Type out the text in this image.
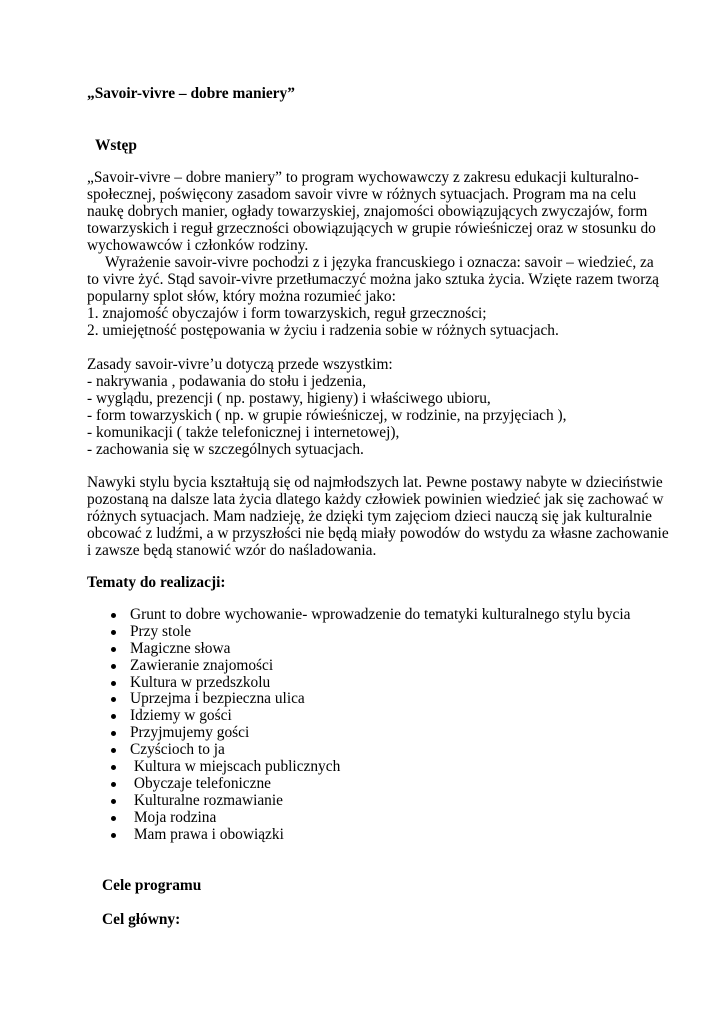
„Savoir-vivre – dobre maniery”

Wstęp

„Savoir-vivre – dobre maniery” to program wychowawczy z zakresu edukacji kulturalno-
społecznej, poświęcony zasadom savoir vivre w różnych sytuacjach. Program ma na celu
naukę dobrych manier, ogłady towarzyskiej, znajomości obowiązujących zwyczajów, form
towarzyskich i reguł grzeczności obowiązujących w grupie rówieśniczej oraz w stosunku do
wychowawców i członków rodziny.
Wyrażenie savoir-vivre pochodzi z i języka francuskiego i oznacza: savoir – wiedzieć, za
to vivre żyć. Stąd savoir-vivre przetłumaczyć można jako sztuka życia. Wzięte razem tworzą
popularny splot słów, który można rozumieć jako:
1. znajomość obyczajów i form towarzyskich, reguł grzeczności;
2. umiejętność postępowania w życiu i radzenia sobie w różnych sytuacjach.
Zasady savoir-vivre’u dotyczą przede wszystkim:
- nakrywania , podawania do stołu i jedzenia,
- wyglądu, prezencji ( np. postawy, higieny) i właściwego ubioru,
- form towarzyskich ( np. w grupie rówieśniczej, w rodzinie, na przyjęciach ),
- komunikacji ( także telefonicznej i internetowej),
- zachowania się w szczególnych sytuacjach.
Nawyki stylu bycia kształtują się od najmłodszych lat. Pewne postawy nabyte w dzieciństwie
pozostaną na dalsze lata życia dlatego każdy człowiek powinien wiedzieć jak się zachować w
różnych sytuacjach. Mam nadzieję, że dzięki tym zajęciom dzieci nauczą się jak kulturalnie
obcować z ludźmi, a w przyszłości nie będą miały powodów do wstydu za własne zachowanie
i zawsze będą stanowić wzór do naśladowania.

Tematy do realizacji:

Grunt to dobre wychowanie- wprowadzenie do tematyki kulturalnego stylu bycia
Przy stole
Magiczne słowa
Zawieranie znajomości
Kultura w przedszkolu
Uprzejma i bezpieczna ulica
Idziemy w gości
Przyjmujemy gości
Czyścioch to ja
Kultura w miejscach publicznych
Obyczaje telefoniczne
Kulturalne rozmawianie
Moja rodzina
Mam prawa i obowiązki

Cele programu

Cel główny:
